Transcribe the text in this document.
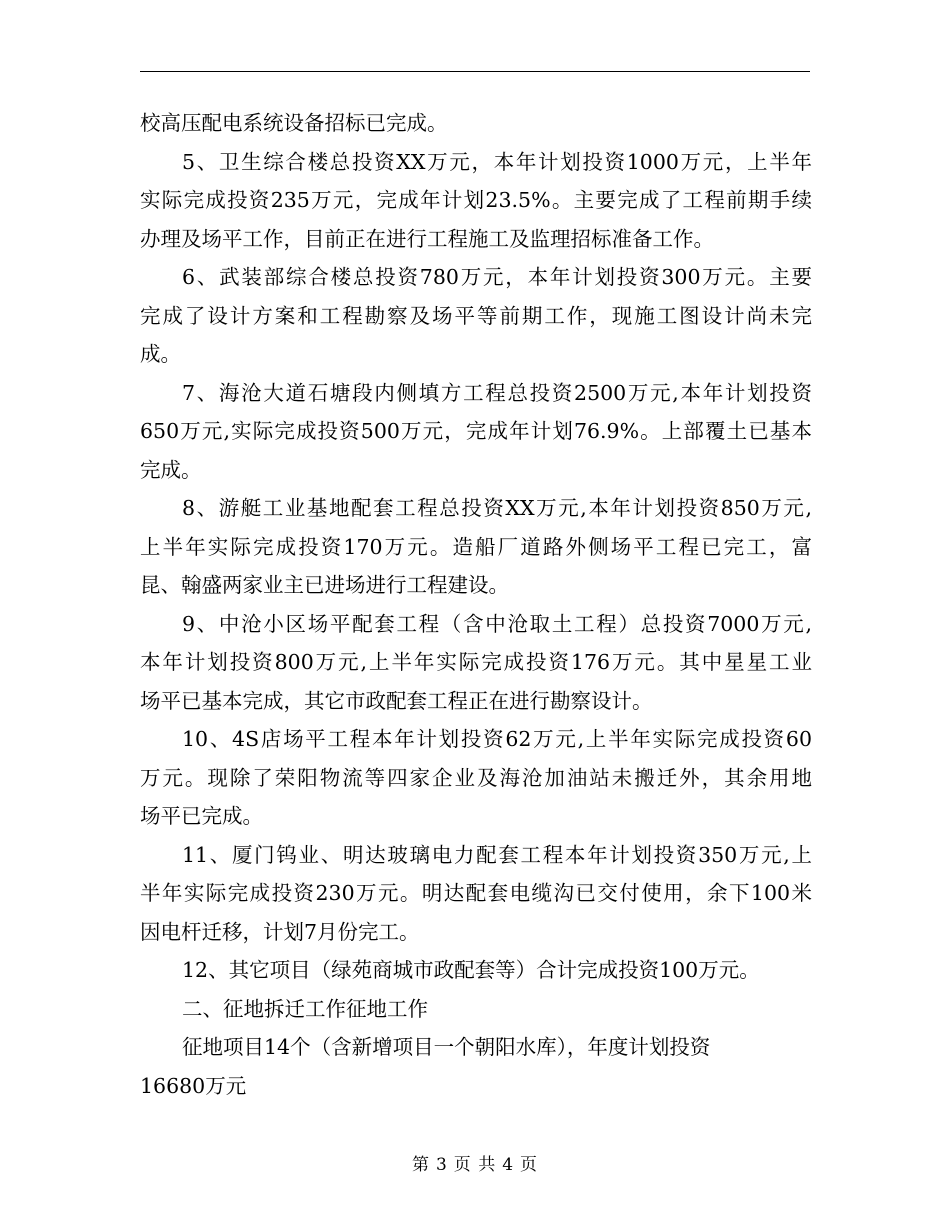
校高压配电系统设备招标已完成。
5、卫生综合楼总投资XX万元，本年计划投资1000万元，上半年
实际完成投资235万元，完成年计划23.5%。主要完成了工程前期手续
办理及场平工作，目前正在进行工程施工及监理招标准备工作。
6、武装部综合楼总投资780万元，本年计划投资300万元。主要
完成了设计方案和工程勘察及场平等前期工作，现施工图设计尚未完
成。
7、海沧大道石塘段内侧填方工程总投资2500万元,本年计划投资
650万元,实际完成投资500万元，完成年计划76.9%。上部覆土已基本
完成。
8、游艇工业基地配套工程总投资XX万元,本年计划投资850万元,
上半年实际完成投资170万元。造船厂道路外侧场平工程已完工，富
昆、翰盛两家业主已进场进行工程建设。
9、中沧小区场平配套工程（含中沧取土工程）总投资7000万元,
本年计划投资800万元,上半年实际完成投资176万元。其中星星工业
场平已基本完成，其它市政配套工程正在进行勘察设计。
10、4S店场平工程本年计划投资62万元,上半年实际完成投资60
万元。现除了荣阳物流等四家企业及海沧加油站未搬迁外，其余用地
场平已完成。
11、厦门钨业、明达玻璃电力配套工程本年计划投资350万元,上
半年实际完成投资230万元。明达配套电缆沟已交付使用，余下100米
因电杆迁移，计划7月份完工。
12、其它项目（绿苑商城市政配套等）合计完成投资100万元。
二、征地拆迁工作征地工作
征地项目14个（含新增项目一个朝阳水库），年度计划投资
16680万元
第 3 页 共 4 页
